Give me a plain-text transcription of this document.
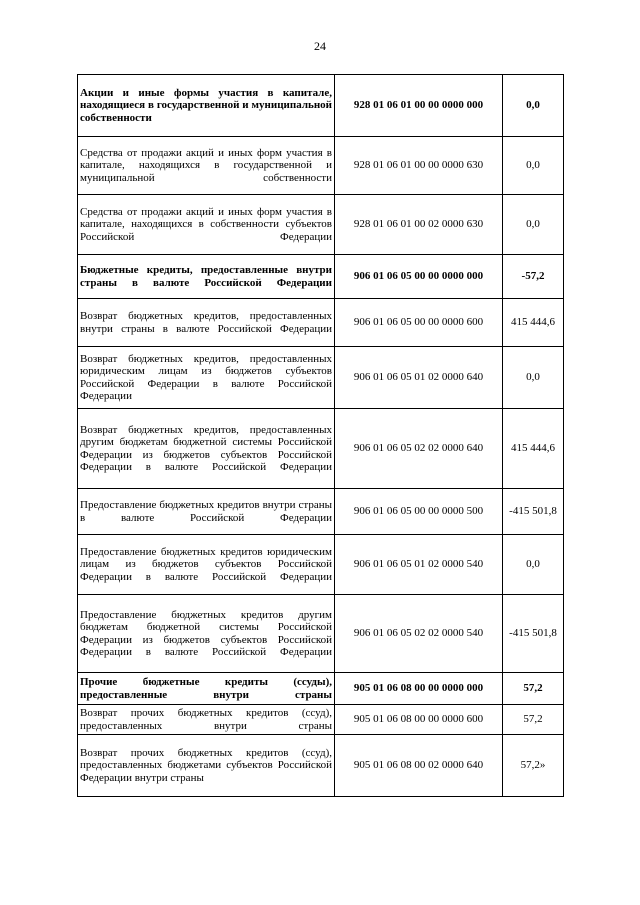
24
Акции и иные формы участия в капитале, находящиеся в государственной и муниципальной собственности	928 01 06 01 00 00 0000 000	0,0
Средства от продажи акций и иных форм участия в капитале, находящихся в государственной и муниципальной собственности	928 01 06 01 00 00 0000 630	0,0
Средства от продажи акций и иных форм участия в капитале, находящихся в собственности субъектов Российской Федерации	928 01 06 01 00 02 0000 630	0,0
Бюджетные кредиты, предоставленные внутри страны в валюте Российской Федерации	906 01 06 05 00 00 0000 000	-57,2
Возврат бюджетных кредитов, предоставленных внутри страны в валюте Российской Федерации	906 01 06 05 00 00 0000 600	415 444,6
Возврат бюджетных кредитов, предоставленных юридическим лицам из бюджетов субъектов Российской Федерации в валюте Российской Федерации	906 01 06 05 01 02 0000 640	0,0
Возврат бюджетных кредитов, предоставленных другим бюджетам бюджетной системы Российской Федерации из бюджетов субъектов Российской Федерации в валюте Российской Федерации	906 01 06 05 02 02 0000 640	415 444,6
Предоставление бюджетных кредитов внутри страны в валюте Российской Федерации	906 01 06 05 00 00 0000 500	-415 501,8
Предоставление бюджетных кредитов юридическим лицам из бюджетов субъектов Российской Федерации в валюте Российской Федерации	906 01 06 05 01 02 0000 540	0,0
Предоставление бюджетных кредитов другим бюджетам бюджетной системы Российской Федерации из бюджетов субъектов Российской Федерации в валюте Российской Федерации	906 01 06 05 02 02 0000 540	-415 501,8
Прочие бюджетные кредиты (ссуды), предоставленные внутри страны	905 01 06 08 00 00 0000 000	57,2
Возврат прочих бюджетных кредитов (ссуд), предоставленных внутри страны	905 01 06 08 00 00 0000 600	57,2
Возврат прочих бюджетных кредитов (ссуд), предоставленных бюджетами субъектов Российской Федерации внутри страны	905 01 06 08 00 02 0000 640	57,2»
